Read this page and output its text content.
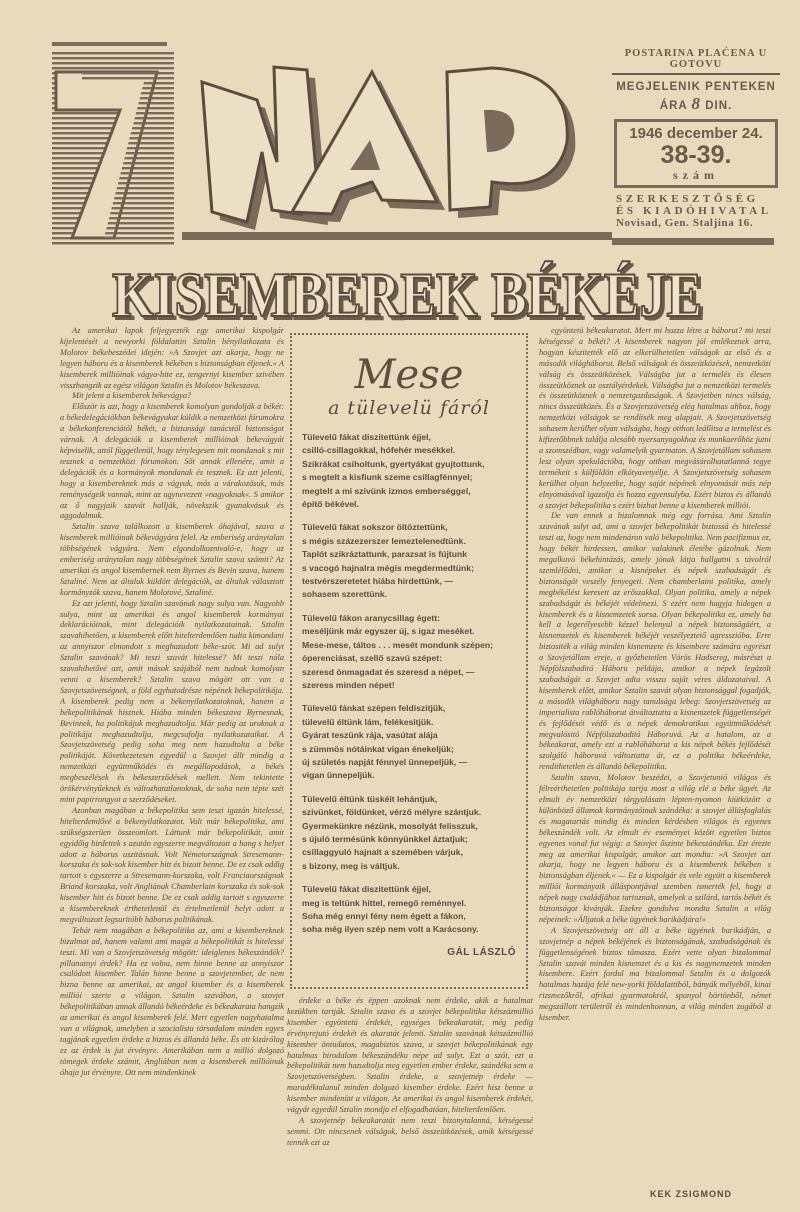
POSTARINA PLAĆENA U GOTOVU
MEGJELENIK PENTEKEN
ÁRA 8 DIN.
1946 december 24.
38-39.
szám
SZERKESZTŐSÉG
ÉS KIADÓHIVATAL
Novisad, Gen. Staljina 16.
KISEMBEREK BÉKÉJE

Az amerikai lapok feljegyezték egy amerikai kispolgár kijelentését a newyorki földalattin Sztalin bényilatkozata és Molotov békebeszédei idején: »A Szovjet azt akarja, hogy ne legyen háboru és a kisemberek békében s biztonságban éljenek.« A kisemberek millióinak vágya-hite ez, tengernyi kisember szivében visszhangzik az egész világon Sztalin és Molotov békeszava.

Mit jelent a kisemberek békevágya?

Először is azt, hogy a kisemberek komolyan gondolják a békét: a békedelegációkban békevágyukat küldik a nemzetközi fórumokra a békekonferenciától békét, a biztonsági tanácstól biztonságot várnak. A delegációk a kisemberek millióinak békevágyát képviselik, attól függetlenül, hogy ténylegesen mit mondanak s mit tesznek a nemzetközi fórumokon. Sőt annak ellenére, amit a delegációk és a kormányok mondanak és tesznek. Ez azt jelenti, hogy a kisembereknek más a vágyuk, más a várakozásuk, más reménységeik vannak, mint az ugynevezett »nagyoknak«. S amikor az ő nagyjaik szavát hallják, növekszik gyanakvásuk és aggodalmuk.

Sztalin szava találkozott a kisemberek óhajával, szava a kisemberek millióinak békevágyára felel. Az emberiség aránytalan többségének vágyára. Nem elgondolkoznivaló-e, hogy az emberiség aránytalan nagy többségének Sztalin szava számit? Az amerikai és angol kisembernek nem Byrnes és Bevin szava, hanem Sztaliné. Nem az általuk küldött delegációk, az általuk választott kormányzók szava, hanem Molotové, Sztaliné.

Ez azt jelenti, hogy Sztalin szavának nagy sulya van. Nagyobb sulya, mint az amerikai és angol kisemberek kormányai deklarációinak, mint delegációik nyilatkozatainak. Sztalin szavahihetően, a kisemberek előtt hitelterdemlően tudta kimondani az annyiszor elmondott s meghazudott béke-szót. Mi ad sulyt Sztalin szavának? Mi teszi szavát hitelessé? Mi teszi nála szavahihetővé azt, amit mások szájából nem tudnak komolyan venni a kisemberek? Sztalin szava mögött ott van a Szovjetszövetségnek, a föld egyhatodrésze népének békepolitikája. A kisemberek pedig nem a békenyilatkozatoknak, hanem a békepolitikának hisznek. Hiába minden békeszava Byrnesnak, Bevinnek, ha politikájuk meghazudtolja. Már pedig az uraknak a politikája meghazudtolja, megcsufolja nyilatkozataikat. A Szovjetszövetség pedig soha meg nem hazudtolta a béke politikáját. Következetesen egyedül a Szovjet állt mindig a nemzetközi együttműködés és megállapodások, a békés megbeszélések és békeszerződések mellett. Nem tekintette örökérvényűeknek és változhatatlanoknak, de soha nem tépte szét mint papirrongyot a szerződéseket.

Azonban magában a békepolitika sem teszi igazán hitelessé, hitelterdemlővé a békenyilatkozatot. Volt már békepolitika, ami szükségszerüen összeomlott. Láttunk már békepolitikát, amit egyidőig hirdettek s azután egyszerre megváltozott a hang s helyet adott a háborus uszitásnak. Volt Németországnak Stresemann-korszaka és sok-sok kisember hitt és bizott benne. De ez csak addig tartott s egyszerre a Stresemann-korszaka, volt Franciaországnak Briand korszaka, volt Angliának Chamberlain korszaka és sok-sok kisember hitt és bizott benne. De ez csak addig tartott s egyszerre a kisembereknek érthetetlenül és értelmetlenül helyt adott a megváltozott legsuritóbb háborus politikának.

Tehát nem magában a békepolitika az, ami a kisembereknek bizalmat ad, hanem valami ami magát a békepolitikát is hitelessé teszi. Mi van a Szovjetszövetség mögött: ideiglenes békeszándék? pillanatnyi érdek? Ha ez volna, nem hinne benne az annyiszor csalódott kisember. Talán hinne benne a szovjetember, de nem bizna benne az amerikai, az angol kisember és a kisemberek milliói szerte a világon. Sztalin szavában, a szovjet békepolitikában annak állandó békeérdeke és békeakarata hangzik az amerikai és angol kisemberek felé. Mert egyetlen nagyhatalma van a világnak, amelyben a szocialista társadalom minden egyes tagjának egyetlen érdeke a biztos és állandó béke. És ott kizárólag ez az érdek is jut érvényre. Amerikában nem a millió dolgozó tömegek érdeke számit, Angliában nem a kisemberek millióinak óhaja jut érvényre. Ott nem mindenkinek

Mese
a tülevelü fáról
Tülevelű fákat diszitettünk éjjel,
csilló-csillagokkal, hófehér mesékkel.
Szikrákat csiholtunk, gyertyákat gyujtottunk,
s megtelt a kisfiunk szeme csillagfénnyel;
megtelt a mi szivünk izmos emberséggel,
épitő békével.
Tülevelű fákat sokszor öltöztettünk,
s mégis százezerszer lemeztelenedtünk.
Taplót szikráztattunk, parazsat is fújtunk
s vacogó hajnalra mégis megdermedtünk;
testvérszeretetet hiába hirdettünk, —
sohasem szerettünk.
Tülevelű fákon aranycsillag égett:
meséljünk már egyszer új, s igaz meséket.
Mese-mese, táltos . . . mesét mondunk szépen;
óperenciásat, szellő szavú szépet:
szeresd önmagadat és szeresd a népet, —
szeress minden népet!
Tülevelű fánkat szépen feldiszitjük,
tülevelű éltünk lám, felékesitjük.
Gyárat teszünk rája, vasútat alája
s zümmös nótáinkat vigan énekeljük;
új születés napját fénnyel ünnepeljük, —
vigan ünnepeljük.
Tülevelű éltünk tüskéit lehántjuk,
szivünket, földünket, vérző mélyre szántjuk.
Gyermekünkre nézünk, mosolyát felisszuk,
s újuló termésünk könnyünkkel áztatjuk;
csillaggyuló hajnalt a szemében várjuk,
s bizony, meg is váltjuk.
Tülevelű fákat diszitettünk éjjel,
meg is teltünk hittel, remegő reménnyel.
Soha még ennyi fény nem égett a fákon,
soha még ilyen szép nem volt a Karácsony.
GÁL LÁSZLÓ

érdeke a béke és éppen azoknak nem érdeke, akik a hatalmat kezükben tartják. Sztalin szava és a szovjet békepolitika kétszázmillió kisember egyöntetü érdekét, egységes békeakaratát, még pedig érvényrejutó érdekét és akaratát jelenti. Sztalin szavának kétszázmillió kisember öntudatos, magabiztos szava, a szovjet békepolitikának egy hatalmas birodalom békeszándéku népe ad sulyt. Ezt a szót, ezt a békepolitikát nem hazudtolja meg egyetlen ember érdeke, szándéka sem a Szovjetszövetségben. Sztalin érdeke, a szovjetnép érdeke — maradéktalanul minden dolgozó kisember érdeke. Ezért hisz benne a kisember mindenütt a világon. Az amerikai és angol kisemberek érdekét, vágyát egyedül Sztalin mondja el elfogadhatóan, hitelterdemlően.

A szovjetnép békeakaratát nem teszi bizonytalanná, kétségessé semmi. Ott nincsenek válságok, belső összeütközések, amik kétségessé tennék ezt az

egyöntetü békeakaratot. Mert mi hozza létre a háborut? mi teszi kétségessé a békét? A kisemberek nagyon jól emlékeznek arra, hogyan készitették elő az elkerülhetetlen válságok az első és a második világháborut. Belső válságok és összeütközések, nemzetközi válság és összeütközések. Válságba jut a termelés és élesen összeütköznek az osztályérdekek. Válságba jut a nemzetközi termelés és összeütköznek a nemzetgazdaságok. A Szovjetben nincs válság, nincs összeütközés. És a Szovjetszövetség elég hatalmas ahhoz, hogy nemzetközi válságok se rendítsék meg alapjait. A Szovjetszövetség sohasem kerülhet olyan válságba, hogy otthon leállitsa a termelést és kifizetőbbnek találja olcsóbb nyersanyagokhoz és munkaerőhöz jutni a szomszédban, vagy valamelyik gyarmaton. A Szovjetállam sohasem lesz olyan spekulációba, hogy otthon megvásárolhatatlanná tegye termékeit s külföldön elkótyavetyélje. A Szovjetszövetség sohasem kerülhet olyan helyzetbe, hogy saját népének elnyomását más nép elnyomásával igazolja és hozza egyensulyba. Ezért biztos és állandó a szovjet békepolitika s ezért bizhat benne a kisemberek milliói.

De van ennek a bizalomnak még egy forrása. Ami Sztalin szavának sulyt ad, ami a szovjet békepolitikát biztossá és hitelessé teszi az, hogy nem mindenáron való békepolitika. Nem pacifizmus ez, hogy békét hirdessen, amikor valakinek életébe gázolnak. Nem megalkuvó békehintázás, amely jónak látja hallgatni s távolról szemlélődni, amikor a kisnépeket és népek szabadságát és biztonságát veszély fenyegeti. Nem chamberlaini politika, amely megbékélést keresett az erőszakkal. Olyan politika, amely a népek szabadságát és békéjét védelmezi. S ezért nem hagyja hidegen a kisemberek és a kisnemzetek sorsa. Olyan békepolitika ez, amely ha kell a legerélyesebb kézzel belenyul a népek biztonságáért, a kisnemzetek és kisemberek békéjét veszélyeztető agresszióba. Erre biztositék a világ minden kisnemzete és kisembere számára egyrészt a Szovjetállam ereje, a győzhetetlen Vörös Hadsereg, másrészt a Népfölszabaditó Háboru példája, amikor a népek legázolt szabadságát a Szovjet adta vissza saját véres áldozataival. A kisemberek előtt, amikor Sztalin szavát olyan biztonsággal fogadják, a második világháboru nagy tanulsága lebeg: Szovjetszövetség az imperialista rablóháborut átváltoztatta a kisnemzetek függetlenségét és fejlődését védő és a népek demokratikus együttműködését megvalósitó Népfölszabaditó Háboruvá. Az a hatalom, az a békeakarat, amely ezt a rablóháborut a kis népek békés fejlődését szolgáló háboruvá változtatta át, ez a politika békeérdeke, rendithetetlen és állandó békepolitika.

Sztalin szava, Molotov beszédei, a Szovjetunió világos és félreérthetetlen politikája tartja most a világ elé a béke ügyét. Az elmult év nemzetközi tárgyalásain lépten-nyomon kiütközött a különböző államok kormányzóinak szándéka: a szovjet állásfoglalás és magatartás mindig és minden kérdésben világos és egyenes békeszándék volt. Az elmult év eseményei között egyetlen biztos egyenes vonal fut végig: a Szovjet őszinte békeszándéka. Ezt érezte meg az amerikai kispolgár, amikor azt mondta: »A Szovjet azt akarja, hogy ne legyen háboru és a kisemberek békében s biztonságban éljenek.« — Ez a kispolgár és vele együtt a kisemberek milliói kormányaik álláspontjával szemben ismerték fel, hogy a népek nagy családjához tartoznak, amelyek a szilárd, tartós békét és biztonságot kivánják. Ezekre gondolva mondta Sztalin a világ népeinek: »Álljatok a béke ügyének barikádjára!«

A Szovjetszövetség ott áll a béke ügyének barikádján, a szovjetnép a népek békéjének és biztonságának, szabadságának és függetlenségének biztos támasza. Ezért vette olyan bizalommal Sztalin szavát minden kisnemzet és a kis és nagynemzetek minden kisembere. Ezért fordul ma bizalommal Sztalin és a dolgozók hatalmas hazája felé new-yorki földalattiból, bányák mélyéből, kinai rizsmezőkről, afrikai gyarmatokról, spanyol börtönből, német megszállott területről és mindenhonnan, a világ minden zugából a kisember.

KEK ZSIGMOND
